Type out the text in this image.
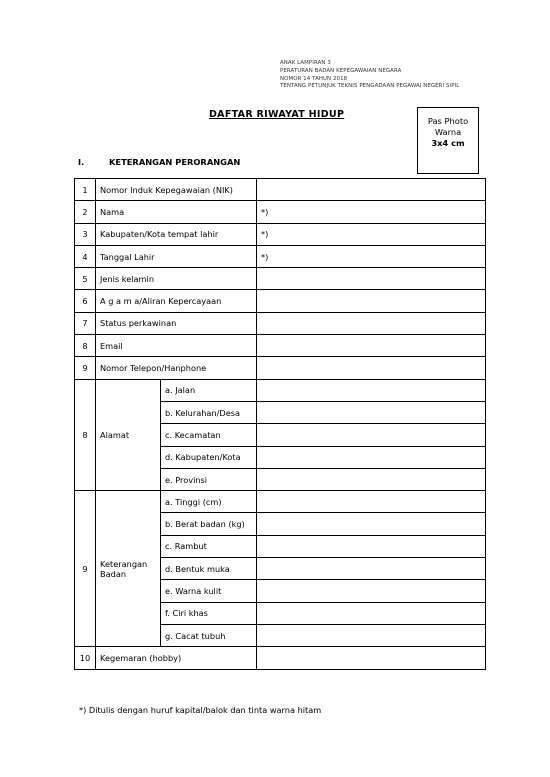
ANAK LAMPIRAN 3
PERATURAN BADAN KEPEGAWAIAN NEGARA
NOMOR 14 TAHUN 2018
TENTANG PETUNJUK TEKNIS PENGADAAN PEGAWAI NEGERI SIPIL
DAFTAR RIWAYAT HIDUP
Pas Photo
Warna
3x4 cm
I.	KETERANGAN PERORANGAN
1	Nomor Induk Kepegawaian (NIK)		
2	Nama		*)
3	Kabupaten/Kota tempat lahir		*)
4	Tanggal Lahir		*)
5	Jenis kelamin		
6	A g a m a/Aliran Kepercayaan		
7	Status perkawinan		
8	Email		
9	Nomor Telepon/Hanphone		
8	Alamat	a. Jalan	
		b. Kelurahan/Desa	
		c. Kecamatan	
		d. Kabupaten/Kota	
		e. Provinsi	
9	Keterangan Badan	a. Tinggi (cm)	
		b. Berat badan (kg)	
		c. Rambut	
		d. Bentuk muka	
		e. Warna kulit	
		f. Ciri khas	
		g. Cacat tubuh	
10	Kegemaran (hobby)		
*) Ditulis dengan huruf kapital/balok dan tinta warna hitam
